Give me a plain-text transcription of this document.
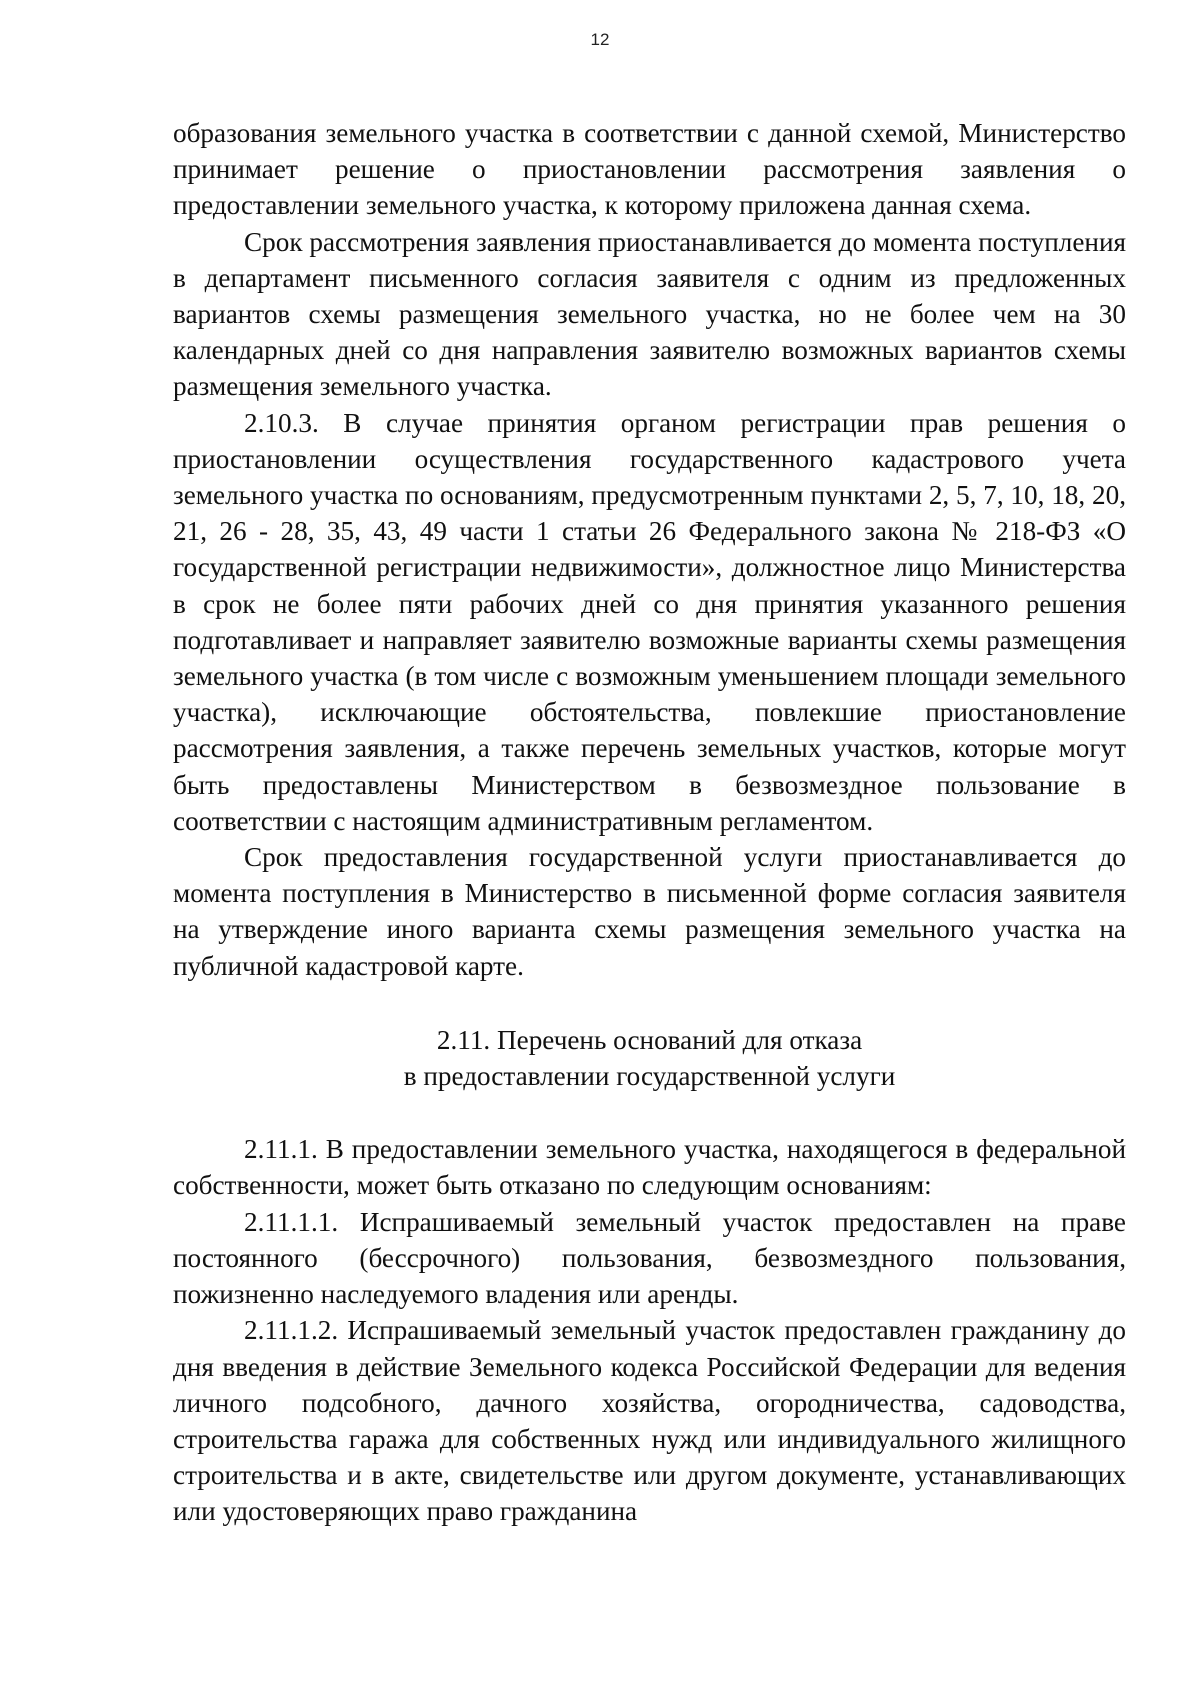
12

образования земельного участка в соответствии с данной схемой, Министерство принимает решение о приостановлении рассмотрения заявления о предоставлении земельного участка, к которому приложена данная схема.

Срок рассмотрения заявления приостанавливается до момента поступления в департамент письменного согласия заявителя с одним из предложенных вариантов схемы размещения земельного участка, но не более чем на 30 календарных дней со дня направления заявителю возможных вариантов схемы размещения земельного участка.

2.10.3. В случае принятия органом регистрации прав решения о приостановлении осуществления государственного кадастрового учета земельного участка по основаниям, предусмотренным пунктами 2, 5, 7, 10, 18, 20, 21, 26 - 28, 35, 43, 49 части 1 статьи 26 Федерального закона № 218-ФЗ «О государственной регистрации недвижимости», должностное лицо Министерства в срок не более пяти рабочих дней со дня принятия указанного решения подготавливает и направляет заявителю возможные варианты схемы размещения земельного участка (в том числе с возможным уменьшением площади земельного участка), исключающие обстоятельства, повлекшие приостановление рассмотрения заявления, а также перечень земельных участков, которые могут быть предоставлены Министерством в безвозмездное пользование в соответствии с настоящим административным регламентом.

Срок предоставления государственной услуги приостанавливается до момента поступления в Министерство в письменной форме согласия заявителя на утверждение иного варианта схемы размещения земельного участка на публичной кадастровой карте.

2.11. Перечень оснований для отказа
в предоставлении государственной услуги

2.11.1. В предоставлении земельного участка, находящегося в федеральной собственности, может быть отказано по следующим основаниям:

2.11.1.1. Испрашиваемый земельный участок предоставлен на праве постоянного (бессрочного) пользования, безвозмездного пользования, пожизненно наследуемого владения или аренды.

2.11.1.2. Испрашиваемый земельный участок предоставлен гражданину до дня введения в действие Земельного кодекса Российской Федерации для ведения личного подсобного, дачного хозяйства, огородничества, садоводства, строительства гаража для собственных нужд или индивидуального жилищного строительства и в акте, свидетельстве или другом документе, устанавливающих или удостоверяющих право гражданина
